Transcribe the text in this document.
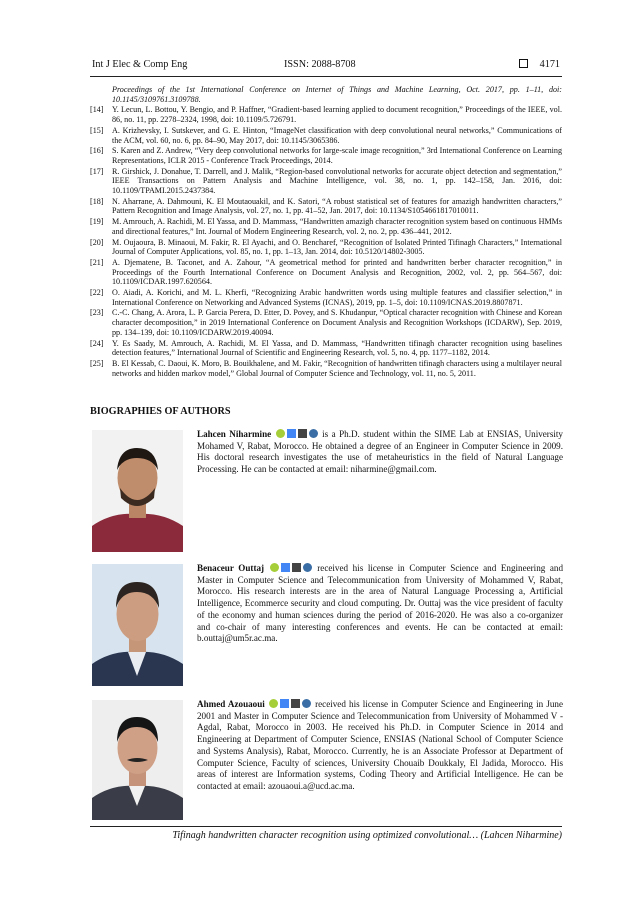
Int J Elec & Comp Eng	ISSN: 2088-8708	4171
Proceedings of the 1st International Conference on Internet of Things and Machine Learning, Oct. 2017, pp. 1–11, doi: 10.1145/3109761.3109788.
[14]	Y. Lecun, L. Bottou, Y. Bengio, and P. Haffner, “Gradient-based learning applied to document recognition,” Proceedings of the IEEE, vol. 86, no. 11, pp. 2278–2324, 1998, doi: 10.1109/5.726791.
[15]	A. Krizhevsky, I. Sutskever, and G. E. Hinton, “ImageNet classification with deep convolutional neural networks,” Communications of the ACM, vol. 60, no. 6, pp. 84–90, May 2017, doi: 10.1145/3065386.
[16]	S. Karen and Z. Andrew, “Very deep convolutional networks for large-scale image recognition,” 3rd International Conference on Learning Representations, ICLR 2015 - Conference Track Proceedings, 2014.
[17]	R. Girshick, J. Donahue, T. Darrell, and J. Malik, “Region-based convolutional networks for accurate object detection and segmentation,” IEEE Transactions on Pattern Analysis and Machine Intelligence, vol. 38, no. 1, pp. 142–158, Jan. 2016, doi: 10.1109/TPAMI.2015.2437384.
[18]	N. Aharrane, A. Dahmouni, K. El Moutaouakil, and K. Satori, “A robust statistical set of features for amazigh handwritten characters,” Pattern Recognition and Image Analysis, vol. 27, no. 1, pp. 41–52, Jan. 2017, doi: 10.1134/S1054661817010011.
[19]	M. Amrouch, A. Rachidi, M. El Yassa, and D. Mammass, “Handwritten amazigh character recognition system based on continuous HMMs and directional features,” Int. Journal of Modern Engineering Research, vol. 2, no. 2, pp. 436–441, 2012.
[20]	M. Oujaoura, B. Minaoui, M. Fakir, R. El Ayachi, and O. Bencharef, “Recognition of Isolated Printed Tifinagh Characters,” International Journal of Computer Applications, vol. 85, no. 1, pp. 1–13, Jan. 2014, doi: 10.5120/14802-3005.
[21]	A. Djematene, B. Taconet, and A. Zahour, “A geometrical method for printed and handwritten berber character recognition,” in Proceedings of the Fourth International Conference on Document Analysis and Recognition, 2002, vol. 2, pp. 564–567, doi: 10.1109/ICDAR.1997.620564.
[22]	O. Aiadi, A. Korichi, and M. L. Kherfi, “Recognizing Arabic handwritten words using multiple features and classifier selection,” in International Conference on Networking and Advanced Systems (ICNAS), 2019, pp. 1–5, doi: 10.1109/ICNAS.2019.8807871.
[23]	C.-C. Chang, A. Arora, L. P. Garcia Perera, D. Etter, D. Povey, and S. Khudanpur, “Optical character recognition with Chinese and Korean character decomposition,” in 2019 International Conference on Document Analysis and Recognition Workshops (ICDARW), Sep. 2019, pp. 134–139, doi: 10.1109/ICDARW.2019.40094.
[24]	Y. Es Saady, M. Amrouch, A. Rachidi, M. El Yassa, and D. Mammass, “Handwritten tifinagh character recognition using baselines detection features,” International Journal of Scientific and Engineering Research, vol. 5, no. 4, pp. 1177–1182, 2014.
[25]	B. El Kessab, C. Daoui, K. Moro, B. Bouikhalene, and M. Fakir, “Recognition of handwritten tifinagh characters using a multilayer neural networks and hidden markov model,” Global Journal of Computer Science and Technology, vol. 11, no. 5, 2011.
BIOGRAPHIES OF AUTHORS
Lahcen Niharmine	is a Ph.D. student within the SIME Lab at ENSIAS, University Mohamed V, Rabat, Morocco. He obtained a degree of an Engineer in Computer Science in 2009. His doctoral research investigates the use of metaheuristics in the field of Natural Language Processing. He can be contacted at email: niharmine@gmail.com.
Benaceur Outtaj	received his license in Computer Science and Engineering and Master in Computer Science and Telecommunication from University of Mohammed V, Rabat, Morocco. His research interests are in the area of Natural Language Processing a, Artificial Intelligence, Ecommerce security and cloud computing. Dr. Outtaj was the vice president of faculty of the economy and human sciences during the period of 2016-2020. He was also a co-organizer and co-chair of many interesting conferences and events. He can be contacted at email: b.outtaj@um5r.ac.ma.
Ahmed Azouaoui	received his license in Computer Science and Engineering in June 2001 and Master in Computer Science and Telecommunication from University of Mohammed V - Agdal, Rabat, Morocco in 2003. He received his Ph.D. in Computer Science in 2014 and Engineering at Department of Computer Science, ENSIAS (National School of Computer Science and Systems Analysis), Rabat, Morocco. Currently, he is an Associate Professor at Department of Computer Science, Faculty of sciences, University Chouaib Doukkaly, El Jadida, Morocco. His areas of interest are Information systems, Coding Theory and Artificial Intelligence. He can be contacted at email: azouaoui.a@ucd.ac.ma.
Tifinagh handwritten character recognition using optimized convolutional… (Lahcen Niharmine)
